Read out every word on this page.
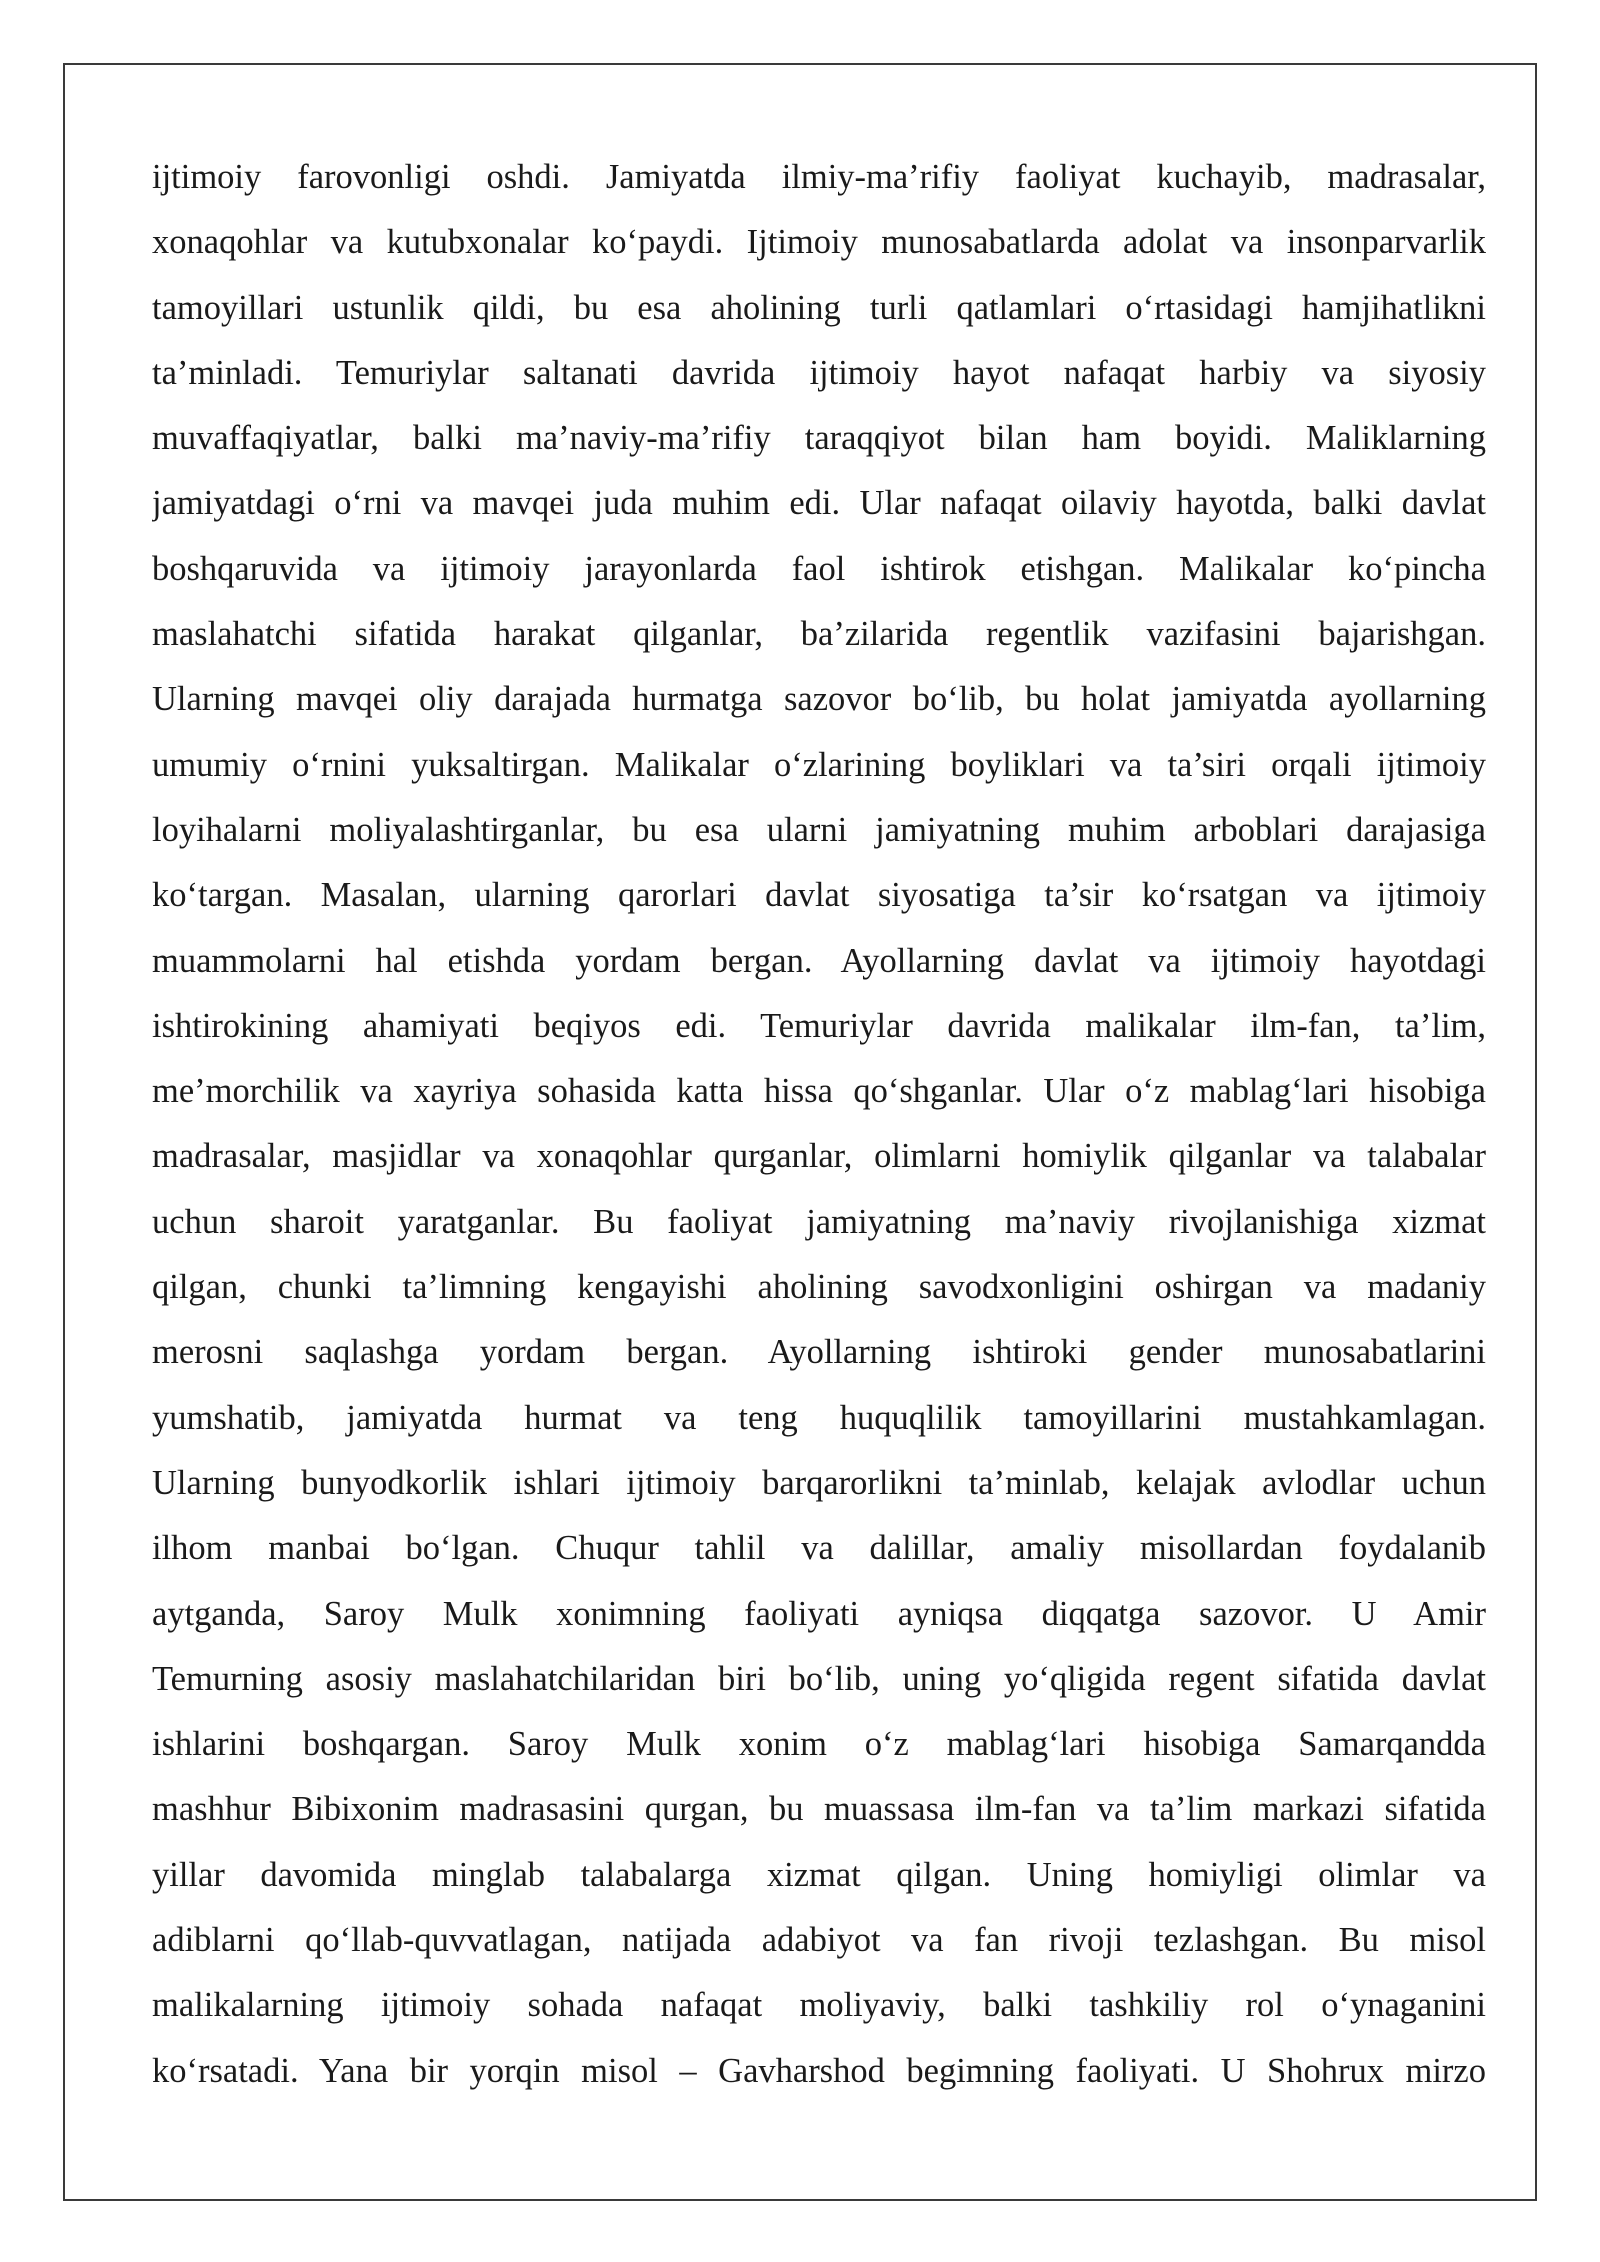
ijtimoiy farovonligi oshdi. Jamiyatda ilmiy-ma’rifiy faoliyat kuchayib, madrasalar,
xonaqohlar va kutubxonalar ko‘paydi. Ijtimoiy munosabatlarda adolat va insonparvarlik
tamoyillari ustunlik qildi, bu esa aholining turli qatlamlari o‘rtasidagi hamjihatlikni
ta’minladi. Temuriylar saltanati davrida ijtimoiy hayot nafaqat harbiy va siyosiy
muvaffaqiyatlar, balki ma’naviy-ma’rifiy taraqqiyot bilan ham boyidi. Maliklarning
jamiyatdagi o‘rni va mavqei juda muhim edi. Ular nafaqat oilaviy hayotda, balki davlat
boshqaruvida va ijtimoiy jarayonlarda faol ishtirok etishgan. Malikalar ko‘pincha
maslahatchi sifatida harakat qilganlar, ba’zilarida regentlik vazifasini bajarishgan.
Ularning mavqei oliy darajada hurmatga sazovor bo‘lib, bu holat jamiyatda ayollarning
umumiy o‘rnini yuksaltirgan. Malikalar o‘zlarining boyliklari va ta’siri orqali ijtimoiy
loyihalarni moliyalashtirganlar, bu esa ularni jamiyatning muhim arboblari darajasiga
ko‘targan. Masalan, ularning qarorlari davlat siyosatiga ta’sir ko‘rsatgan va ijtimoiy
muammolarni hal etishda yordam bergan. Ayollarning davlat va ijtimoiy hayotdagi
ishtirokining ahamiyati beqiyos edi. Temuriylar davrida malikalar ilm-fan, ta’lim,
me’morchilik va xayriya sohasida katta hissa qo‘shganlar. Ular o‘z mablag‘lari hisobiga
madrasalar, masjidlar va xonaqohlar qurganlar, olimlarni homiylik qilganlar va talabalar
uchun sharoit yaratganlar. Bu faoliyat jamiyatning ma’naviy rivojlanishiga xizmat
qilgan, chunki ta’limning kengayishi aholining savodxonligini oshirgan va madaniy
merosni saqlashga yordam bergan. Ayollarning ishtiroki gender munosabatlarini
yumshatib, jamiyatda hurmat va teng huquqlilik tamoyillarini mustahkamlagan.
Ularning bunyodkorlik ishlari ijtimoiy barqarorlikni ta’minlab, kelajak avlodlar uchun
ilhom manbai bo‘lgan. Chuqur tahlil va dalillar, amaliy misollardan foydalanib
aytganda, Saroy Mulk xonimning faoliyati ayniqsa diqqatga sazovor. U Amir
Temurning asosiy maslahatchilaridan biri bo‘lib, uning yo‘qligida regent sifatida davlat
ishlarini boshqargan. Saroy Mulk xonim o‘z mablag‘lari hisobiga Samarqandda
mashhur Bibixonim madrasasini qurgan, bu muassasa ilm-fan va ta’lim markazi sifatida
yillar davomida minglab talabalarga xizmat qilgan. Uning homiyligi olimlar va
adiblarni qo‘llab-quvvatlagan, natijada adabiyot va fan rivoji tezlashgan. Bu misol
malikalarning ijtimoiy sohada nafaqat moliyaviy, balki tashkiliy rol o‘ynaganini
ko‘rsatadi. Yana bir yorqin misol – Gavharshod begimning faoliyati. U Shohrux mirzo
